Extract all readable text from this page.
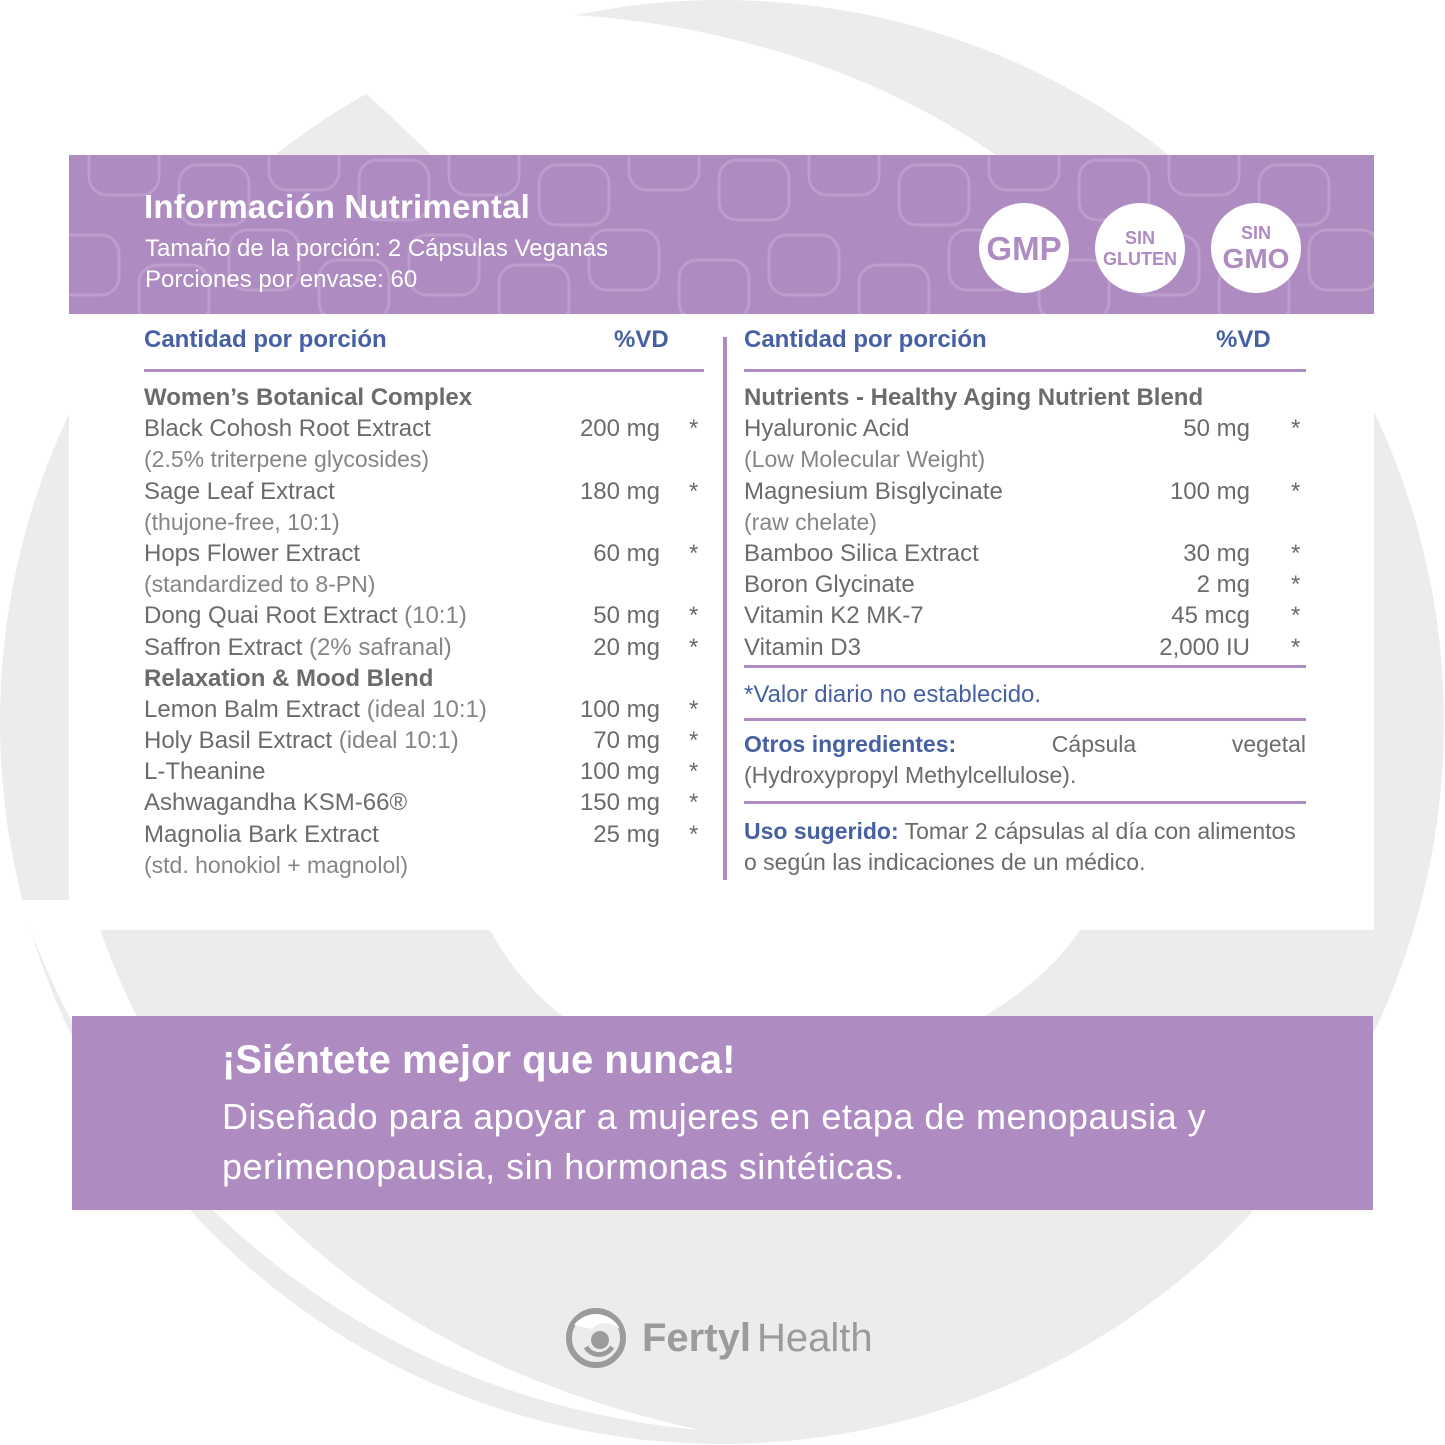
Información Nutrimental
Tamaño de la porción: 2 Cápsulas Veganas
Porciones por envase: 60
GMP	SIN
GLUTEN
SIN
GMO
Cantidad por porción	%VD
Women’s Botanical Complex
Black Cohosh Root Extract	200 mg *
(2.5% triterpene glycosides)
Sage Leaf Extract	180 mg *
(thujone-free, 10:1)
Hops Flower Extract	60 mg *
(standardized to 8-PN)
Dong Quai Root Extract (10:1)	50 mg *
Saffron Extract (2% safranal)	20 mg *
Relaxation & Mood Blend
Lemon Balm Extract (ideal 10:1)	100 mg *
Holy Basil Extract (ideal 10:1)	70 mg *
L-Theanine	100 mg *
Ashwagandha KSM-66®	150 mg *
Magnolia Bark Extract	25 mg *
(std. honokiol + magnolol)
Cantidad por porción	%VD
Nutrients - Healthy Aging Nutrient Blend
Hyaluronic Acid	50 mg *
(Low Molecular Weight)
Magnesium Bisglycinate	100 mg *
(raw chelate)
Bamboo Silica Extract	30 mg *
Boron Glycinate	2 mg *
Vitamin K2 MK-7	45 mcg *
Vitamin D3	2,000 IU *
*Valor diario no establecido.
Otros ingredientes:	Cápsula	vegetal
(Hydroxypropyl Methylcellulose).
Uso sugerido: Tomar 2 cápsulas al día con alimentos
o según las indicaciones de un médico.
¡Siéntete mejor que nunca!
Diseñado para apoyar a mujeres en etapa de menopausia y perimenopausia, sin hormonas sintéticas.
Fertyl Health
